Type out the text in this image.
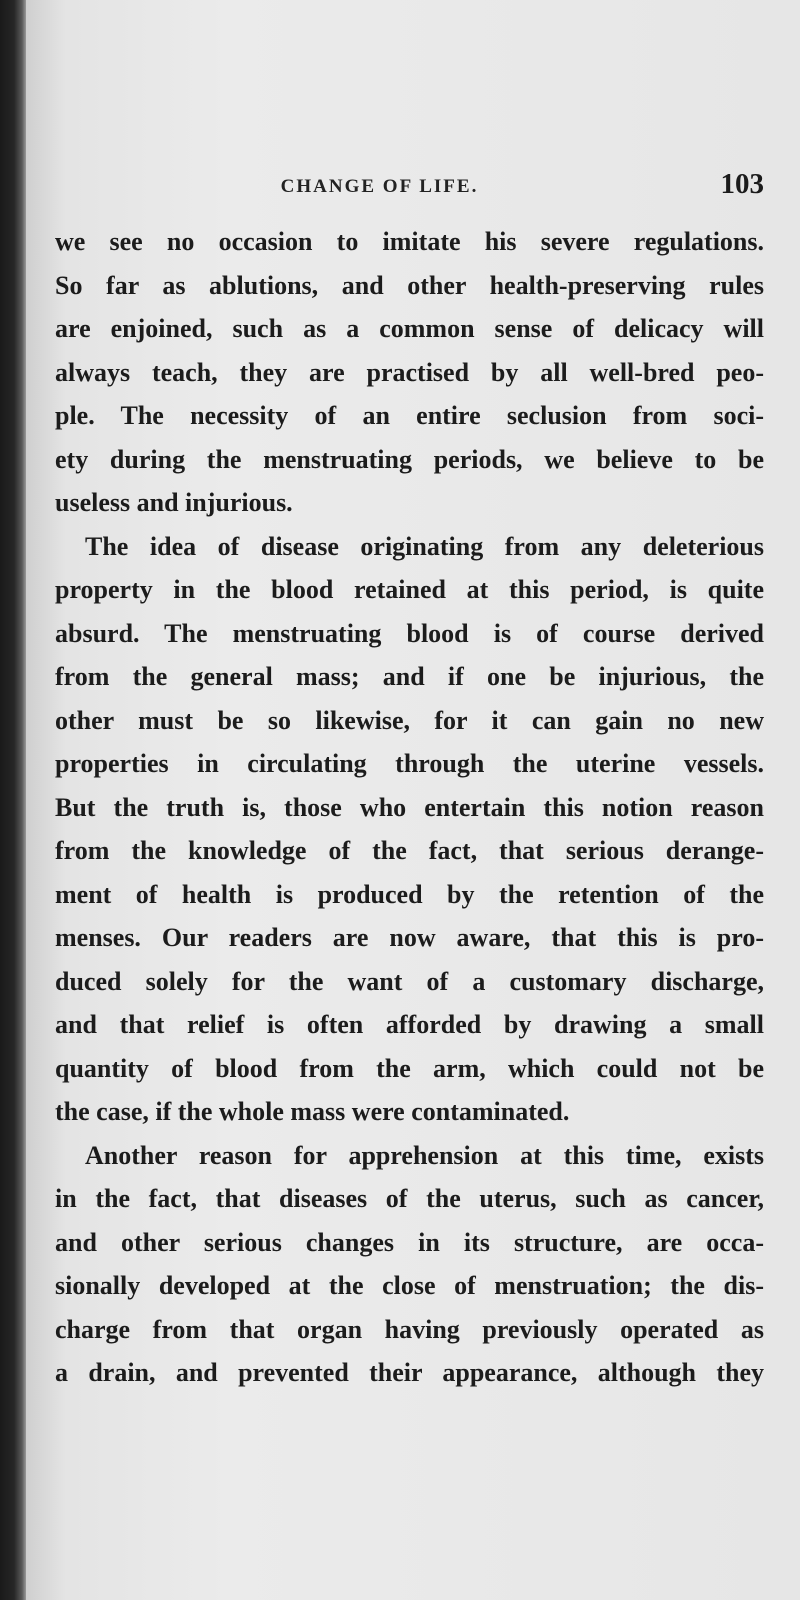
CHANGE OF LIFE.	103
we see no occasion to imitate his severe regulations.
So far as ablutions, and other health-preserving rules
are enjoined, such as a common sense of delicacy will
always teach, they are practised by all well-bred peo-
ple. The necessity of an entire seclusion from soci-
ety during the menstruating periods, we believe to be
useless and injurious.
The idea of disease originating from any deleterious
property in the blood retained at this period, is quite
absurd. The menstruating blood is of course derived
from the general mass; and if one be injurious, the
other must be so likewise, for it can gain no new
properties in circulating through the uterine vessels.
But the truth is, those who entertain this notion reason
from the knowledge of the fact, that serious derange-
ment of health is produced by the retention of the
menses. Our readers are now aware, that this is pro-
duced solely for the want of a customary discharge,
and that relief is often afforded by drawing a small
quantity of blood from the arm, which could not be
the case, if the whole mass were contaminated.
Another reason for apprehension at this time, exists
in the fact, that diseases of the uterus, such as cancer,
and other serious changes in its structure, are occa-
sionally developed at the close of menstruation; the dis-
charge from that organ having previously operated as
a drain, and prevented their appearance, although they
